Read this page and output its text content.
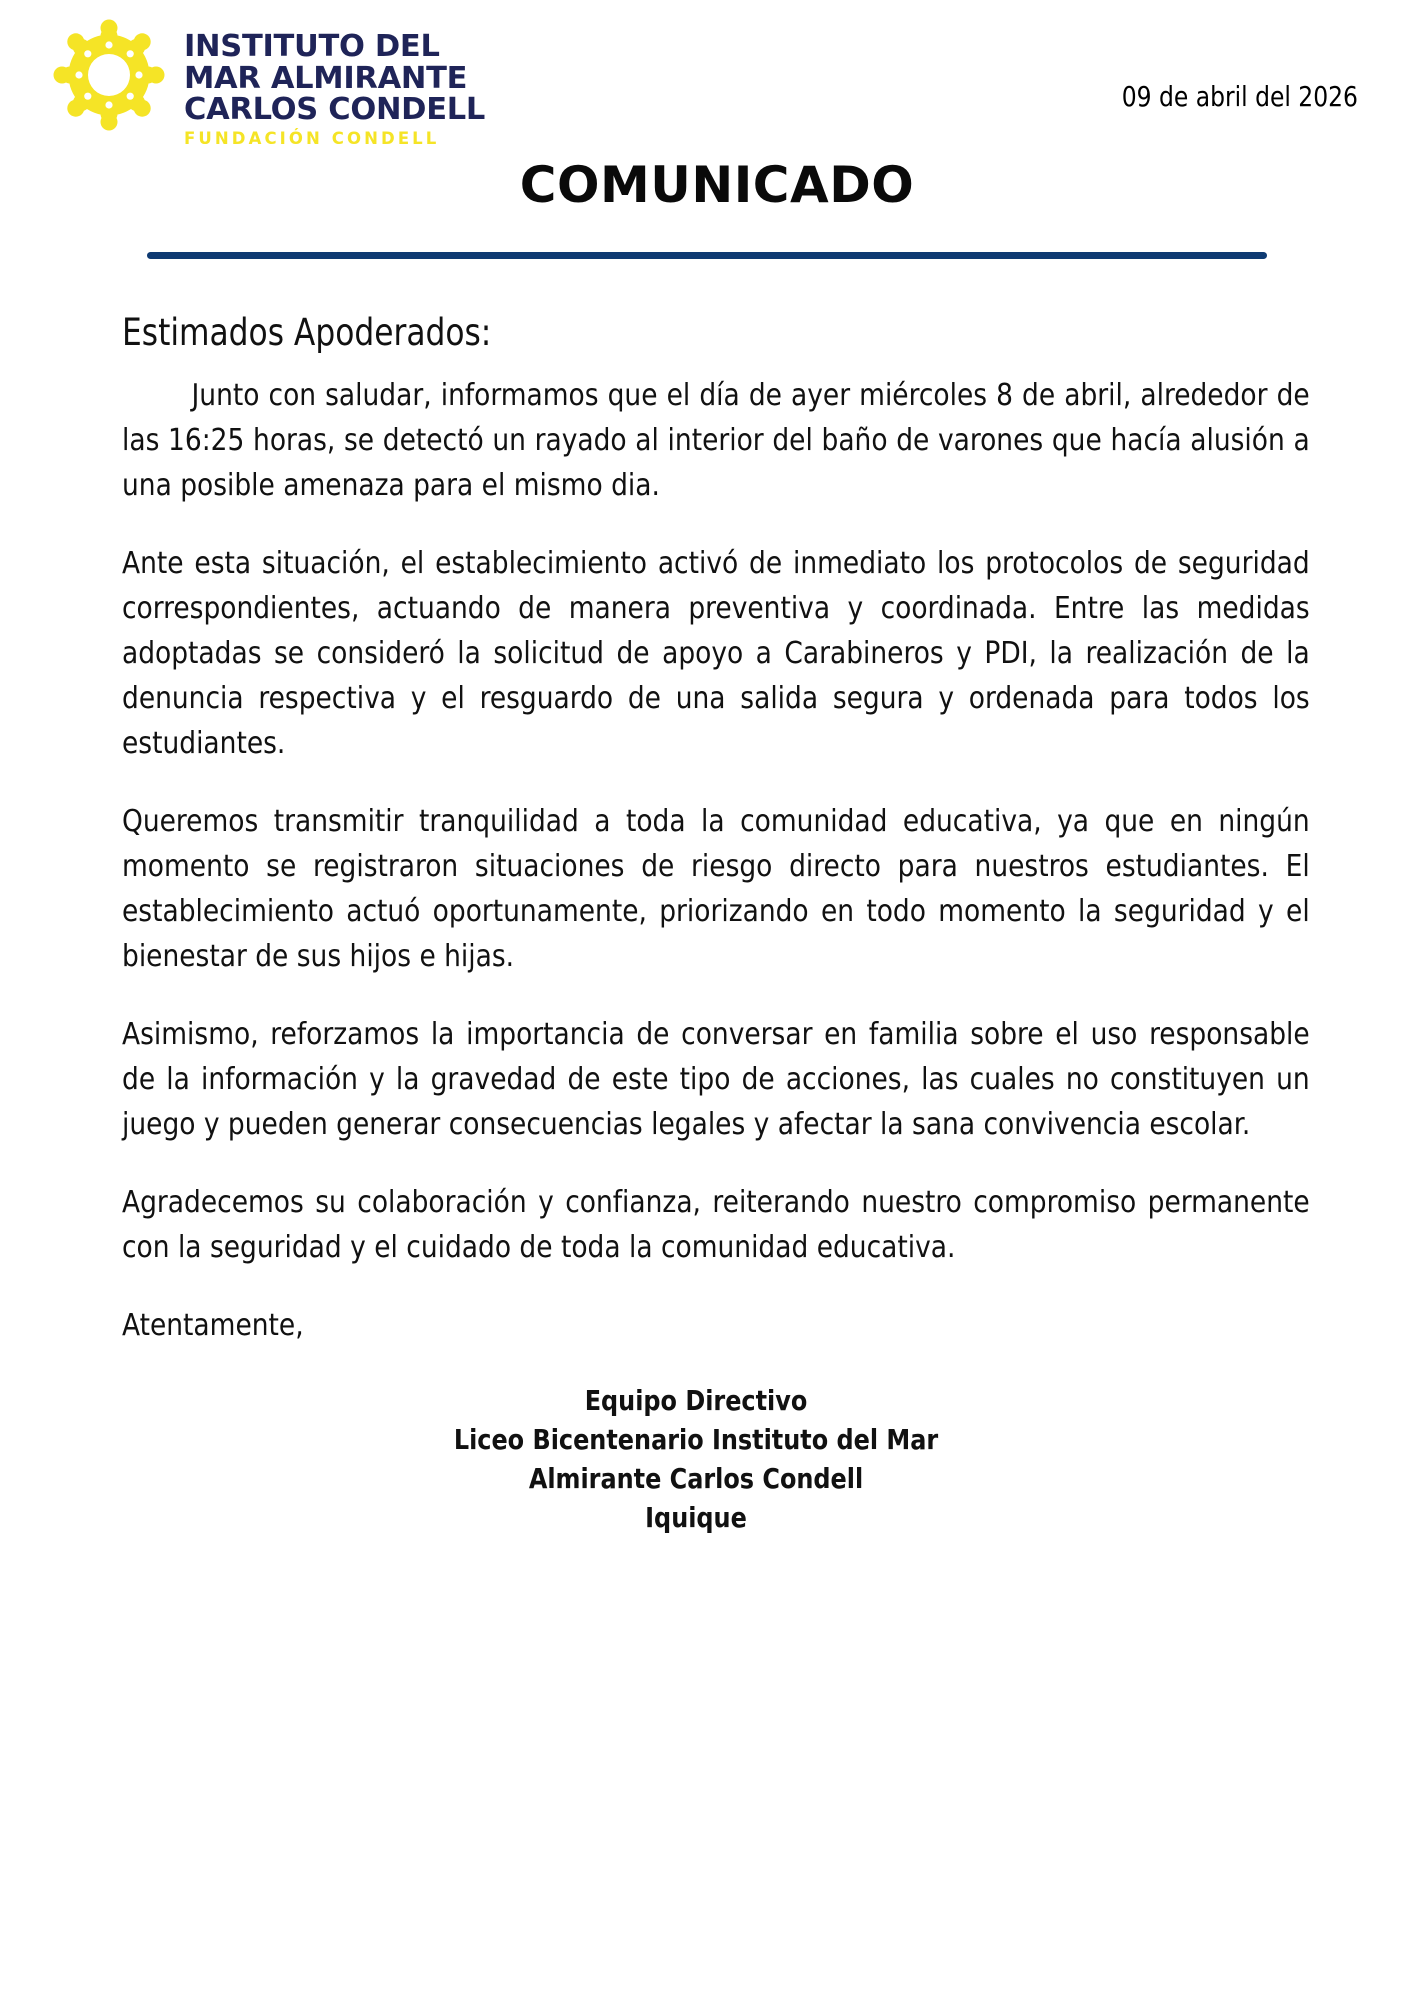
INSTITUTO DEL
MAR ALMIRANTE
CARLOS CONDELL
FUNDACIÓN CONDELL
09 de abril del 2026
COMUNICADO

Estimados Apoderados:

Junto con saludar, informamos que el día de ayer miércoles 8 de abril, alrededor de las 16:25 horas, se detectó un rayado al interior del baño de varones que hacía alusión a una posible amenaza para el mismo dia.

Ante esta situación, el establecimiento activó de inmediato los protocolos de seguridad correspondientes, actuando de manera preventiva y coordinada. Entre las medidas adoptadas se consideró la solicitud de apoyo a Carabineros y PDI, la realización de la denuncia respectiva y el resguardo de una salida segura y ordenada para todos los estudiantes.

Queremos transmitir tranquilidad a toda la comunidad educativa, ya que en ningún momento se registraron situaciones de riesgo directo para nuestros estudiantes. El establecimiento actuó oportunamente, priorizando en todo momento la seguridad y el bienestar de sus hijos e hijas.

Asimismo, reforzamos la importancia de conversar en familia sobre el uso responsable de la información y la gravedad de este tipo de acciones, las cuales no constituyen un juego y pueden generar consecuencias legales y afectar la sana convivencia escolar.

Agradecemos su colaboración y confianza, reiterando nuestro compromiso permanente con la seguridad y el cuidado de toda la comunidad educativa.

Atentamente,

Equipo Directivo
Liceo Bicentenario Instituto del Mar
Almirante Carlos Condell
Iquique
